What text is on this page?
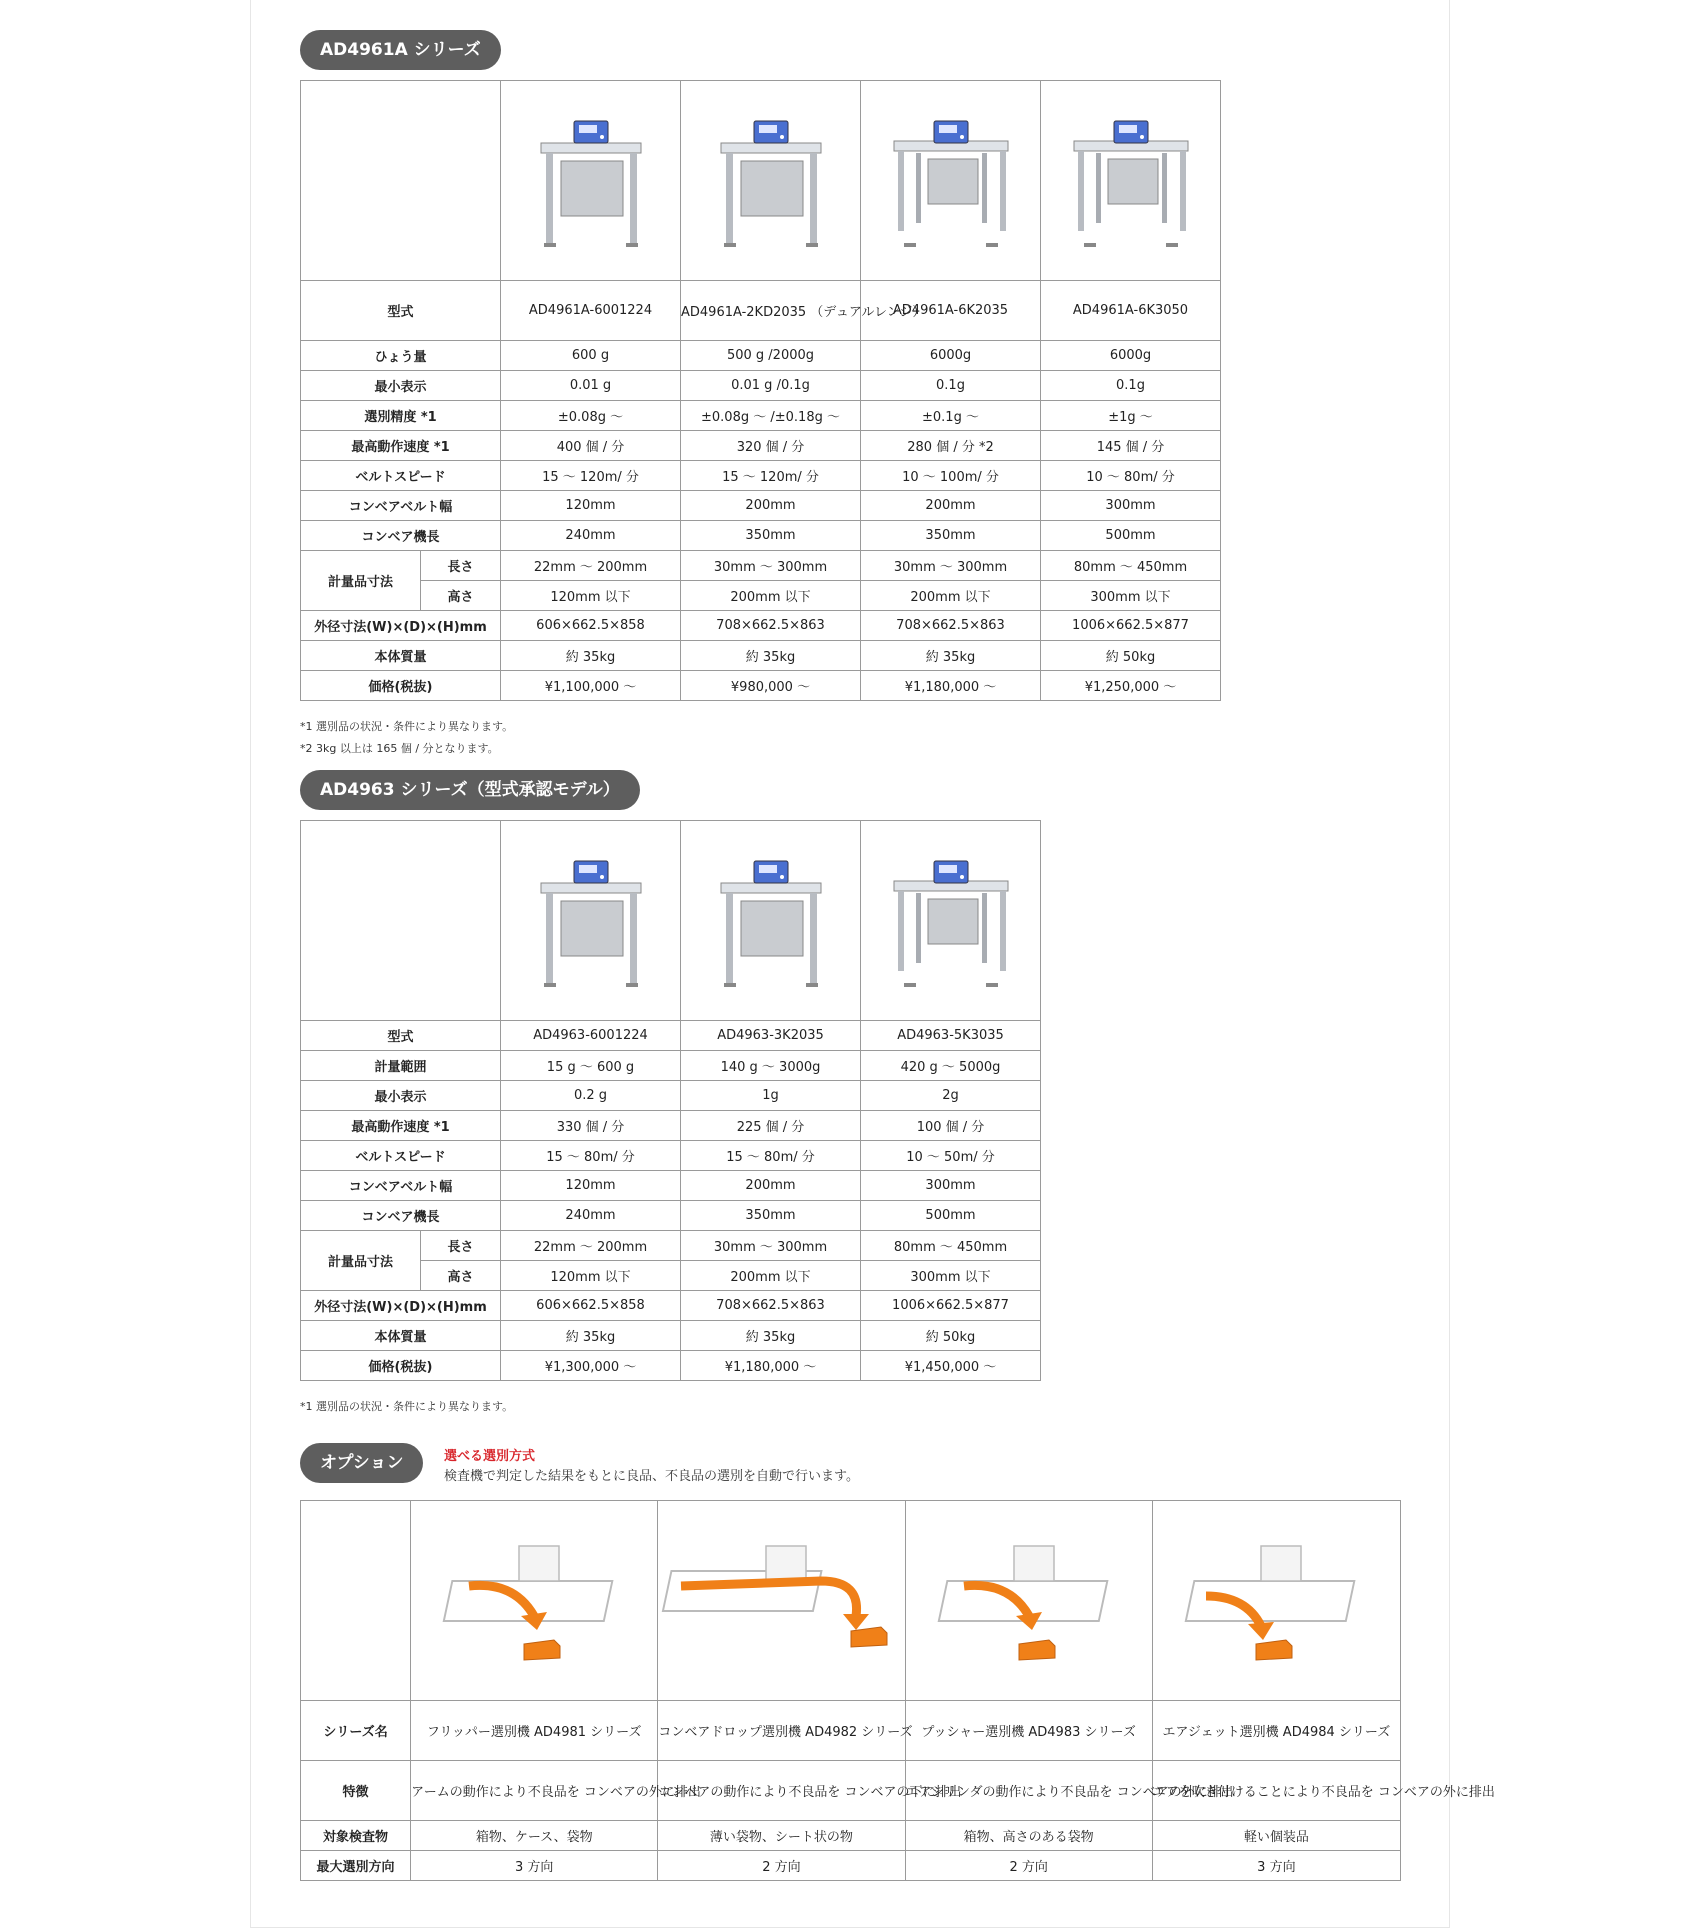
AD4961A シリーズ

型式		AD4961A-6001224	AD4961A-2KD2035 （デュアルレンジ）	AD4961A-6K2035	AD4961A-6K3050
ひょう量		600 g	500 g /2000g	6000g	6000g
最小表示		0.01 g	0.01 g /0.1g	0.1g	0.1g
選別精度 *1		±0.08g ～	±0.08g ～ /±0.18g ～	±0.1g ～	±1g ～
最高動作速度 *1		400 個 / 分	320 個 / 分	280 個 / 分 *2	145 個 / 分
ベルトスピード		15 ～ 120m/ 分	15 ～ 120m/ 分	10 ～ 100m/ 分	10 ～ 80m/ 分
コンベアベルト幅		120mm	200mm	200mm	300mm
コンベア機長		240mm	350mm	350mm	500mm
計量品寸法	長さ	22mm ～ 200mm	30mm ～ 300mm	30mm ～ 300mm	80mm ～ 450mm
	高さ	120mm 以下	200mm 以下	200mm 以下	300mm 以下
外径寸法(W)×(D)×(H)mm		606×662.5×858	708×662.5×863	708×662.5×863	1006×662.5×877
本体質量		約 35kg	約 35kg	約 35kg	約 50kg
価格(税抜)		¥1,100,000 ～	¥980,000 ～	¥1,180,000 ～	¥1,250,000 ～
*1 選別品の状況・条件により異なります。
*2 3kg 以上は 165 個 / 分となります。
AD4963 シリーズ（型式承認モデル）

型式		AD4963-6001224	AD4963-3K2035	AD4963-5K3035
計量範囲		15 g ～ 600 g	140 g ～ 3000g	420 g ～ 5000g
最小表示		0.2 g	1g	2g
最高動作速度 *1		330 個 / 分	225 個 / 分	100 個 / 分
ベルトスピード		15 ～ 80m/ 分	15 ～ 80m/ 分	10 ～ 50m/ 分
コンベアベルト幅		120mm	200mm	300mm
コンベア機長		240mm	350mm	500mm
計量品寸法	長さ	22mm ～ 200mm	30mm ～ 300mm	80mm ～ 450mm
	高さ	120mm 以下	200mm 以下	300mm 以下
外径寸法(W)×(D)×(H)mm		606×662.5×858	708×662.5×863	1006×662.5×877
本体質量		約 35kg	約 35kg	約 50kg
価格(税抜)		¥1,300,000 ～	¥1,180,000 ～	¥1,450,000 ～
*1 選別品の状況・条件により異なります。
オプション	選べる選別方式
検査機で判定した結果をもとに良品、不良品の選別を自動で行います。

シリーズ名	フリッパー選別機 AD4981 シリーズ	コンベアドロップ選別機 AD4982 シリーズ	プッシャー選別機 AD4983 シリーズ	エアジェット選別機 AD4984 シリーズ
特徴	アームの動作により不良品を コンベアの外に排出	コンベアの動作により不良品を コンベアの下に排出	エアシリンダの動作により不良品を コンベアの外に排出	エアを吹き付けることにより不良品を コンベアの外に排出
対象検査物	箱物、ケース、袋物	薄い袋物、シート状の物	箱物、高さのある袋物	軽い個装品
最大選別方向	3 方向	2 方向	2 方向	3 方向
